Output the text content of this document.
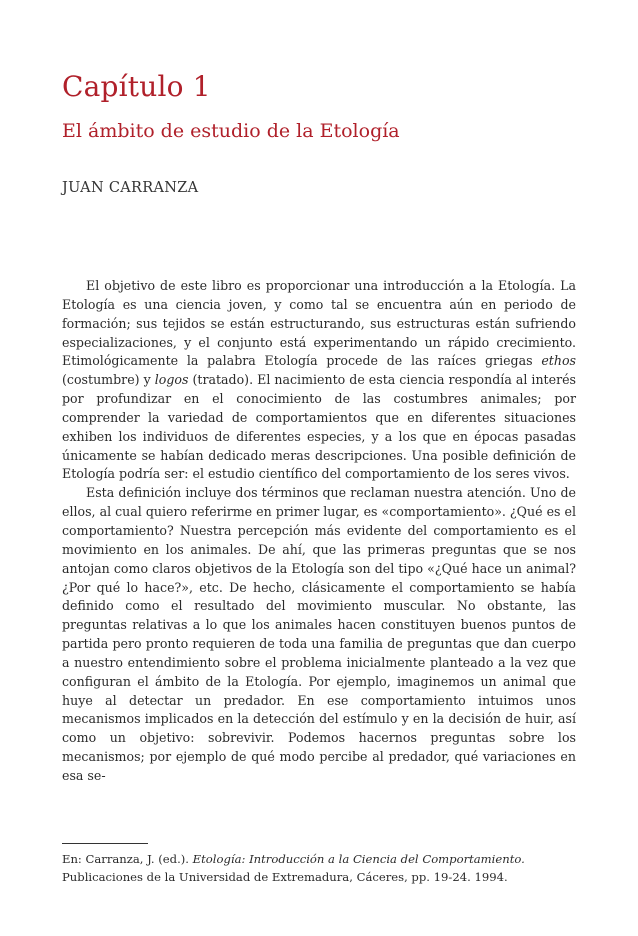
Capítulo 1
El ámbito de estudio de la Etología
JUAN CARRANZA

El objetivo de este libro es proporcionar una introducción a la Etología. La Etología es una ciencia joven, y como tal se encuentra aún en periodo de formación; sus tejidos se están estructurando, sus estructuras están sufriendo especializaciones, y el conjunto está experimentando un rápido crecimiento. Etimológicamente la palabra Etología procede de las raíces griegas ethos (costumbre) y logos (tratado). El nacimiento de esta ciencia respondía al interés por profundizar en el conocimiento de las costumbres animales; por comprender la variedad de comportamientos que en diferentes situaciones exhiben los individuos de diferentes especies, y a los que en épocas pasadas únicamente se habían dedicado meras descripciones. Una posible definición de Etología podría ser: el estudio científico del comportamiento de los seres vivos.

Esta definición incluye dos términos que reclaman nuestra atención. Uno de ellos, al cual quiero referirme en primer lugar, es «comportamiento». ¿Qué es el comportamiento? Nuestra percepción más evidente del comportamiento es el movimiento en los animales. De ahí, que las primeras preguntas que se nos antojan como claros objetivos de la Etología son del tipo «¿Qué hace un animal? ¿Por qué lo hace?», etc. De hecho, clásicamente el comportamiento se había definido como el resultado del movimiento muscular. No obstante, las preguntas relativas a lo que los animales hacen constituyen buenos puntos de partida pero pronto requieren de toda una familia de preguntas que dan cuerpo a nuestro entendimiento sobre el problema inicialmente planteado a la vez que configuran el ámbito de la Etología. Por ejemplo, imaginemos un animal que huye al detectar un predador. En ese comportamiento intuimos unos mecanismos implicados en la detección del estímulo y en la decisión de huir, así como un objetivo: sobrevivir. Podemos hacernos preguntas sobre los mecanismos; por ejemplo de qué modo percibe al predador, qué variaciones en esa se-

En: Carranza, J. (ed.). Etología: Introducción a la Ciencia del Comportamiento.
Publicaciones de la Universidad de Extremadura, Cáceres, pp. 19-24. 1994.
